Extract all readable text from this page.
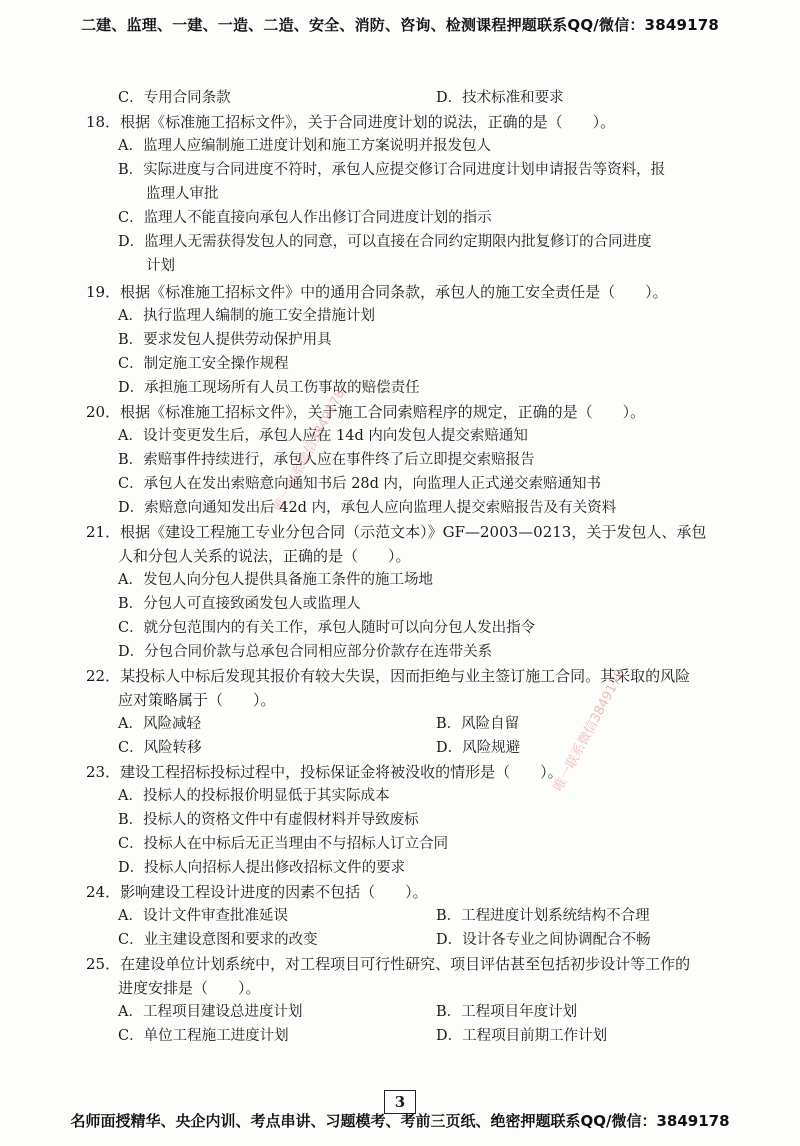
二建、监理、一建、一造、二造、安全、消防、咨询、检测课程押题联系QQ/微信：3849178
C．专用合同条款	D．技术标准和要求
18．根据《标准施工招标文件》，关于合同进度计划的说法，正确的是（　　）。
A．监理人应编制施工进度计划和施工方案说明并报发包人
B．实际进度与合同进度不符时，承包人应提交修订合同进度计划申请报告等资料，报
监理人审批
C．监理人不能直接向承包人作出修订合同进度计划的指示
D．监理人无需获得发包人的同意，可以直接在合同约定期限内批复修订的合同进度
计划
19．根据《标准施工招标文件》中的通用合同条款，承包人的施工安全责任是（　　）。
A．执行监理人编制的施工安全措施计划
B．要求发包人提供劳动保护用具
C．制定施工安全操作规程
D．承担施工现场所有人员工伤事故的赔偿责任
20．根据《标准施工招标文件》，关于施工合同索赔程序的规定，正确的是（　　）。
A．设计变更发生后，承包人应在 14d 内向发包人提交索赔通知
B．索赔事件持续进行，承包人应在事件终了后立即提交索赔报告
C．承包人在发出索赔意向通知书后 28d 内，向监理人正式递交索赔通知书
D．索赔意向通知发出后 42d 内，承包人应向监理人提交索赔报告及有关资料
21．根据《建设工程施工专业分包合同（示范文本）》GF—2003—0213，关于发包人、承包
人和分包人关系的说法，正确的是（　　）。
A．发包人向分包人提供具备施工条件的施工场地
B．分包人可直接致函发包人或监理人
C．就分包范围内的有关工作，承包人随时可以向分包人发出指令
D．分包合同价款与总承包合同相应部分价款存在连带关系
22．某投标人中标后发现其报价有较大失误，因而拒绝与业主签订施工合同。其采取的风险
应对策略属于（　　）。
A．风险减轻	B．风险自留
C．风险转移	D．风险规避
23．建设工程招标投标过程中，投标保证金将被没收的情形是（　　）。
A．投标人的投标报价明显低于其实际成本
B．投标人的资格文件中有虚假材料并导致废标
C．投标人在中标后无正当理由不与招标人订立合同
D．投标人向招标人提出修改招标文件的要求
24．影响建设工程设计进度的因素不包括（　　）。
A．设计文件审查批准延误	B．工程进度计划系统结构不合理
C．业主建设意图和要求的改变	D．设计各专业之间协调配合不畅
25．在建设单位计划系统中，对工程项目可行性研究、项目评估甚至包括初步设计等工作的
进度安排是（　　）。
A．工程项目建设总进度计划	B．工程项目年度计划
C．单位工程施工进度计划	D．工程项目前期工作计划
唯一联系微信3849178
唯一联系微信3849178
3
名师面授精华、央企内训、考点串讲、习题模考、考前三页纸、绝密押题联系QQ/微信：3849178
